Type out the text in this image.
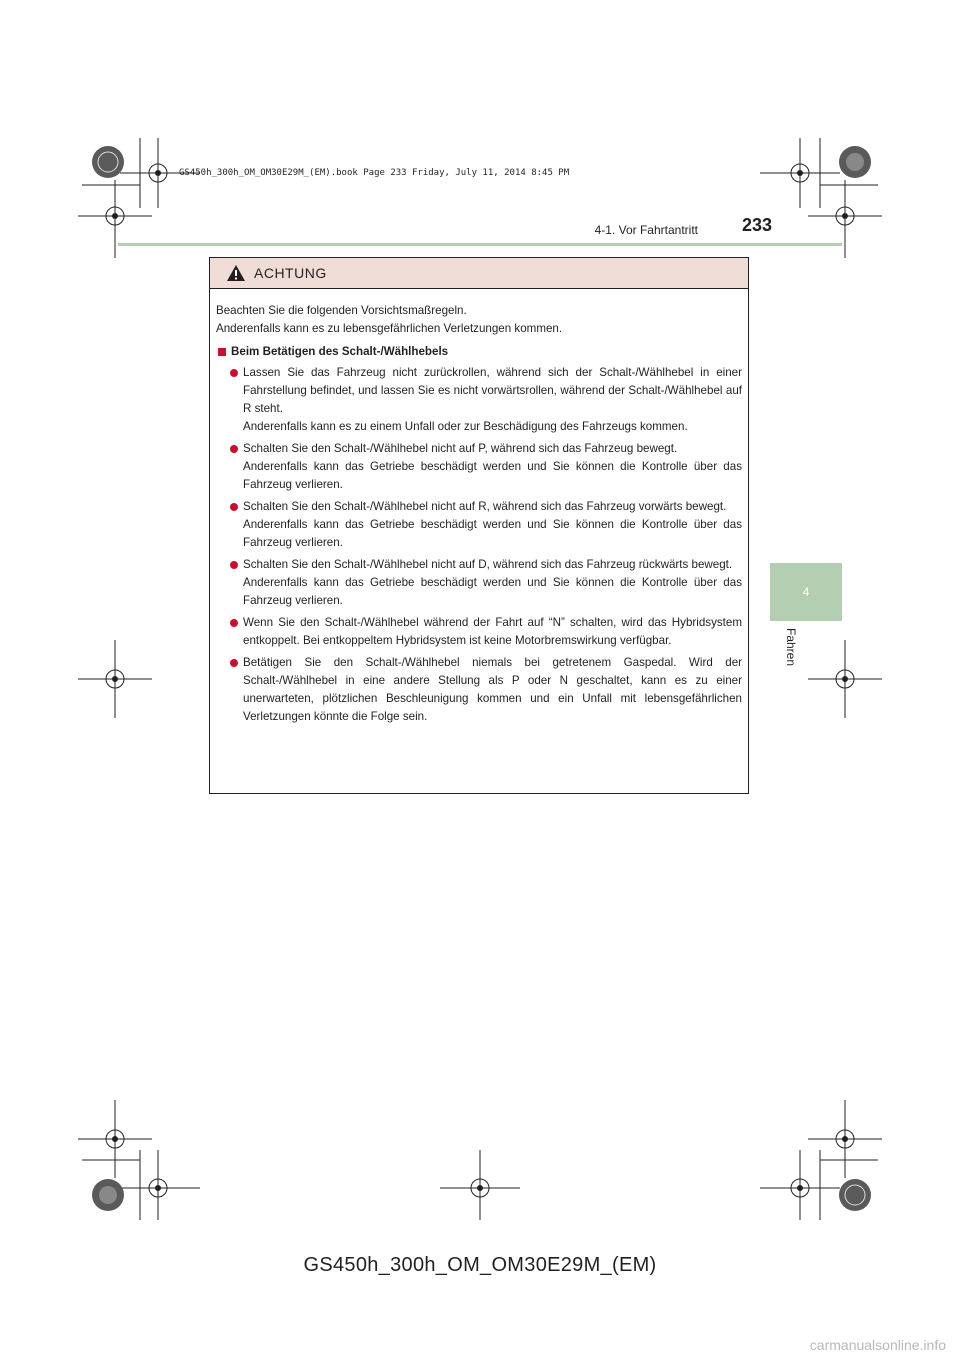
GS450h_300h_OM_OM30E29M_(EM).book Page 233 Friday, July 11, 2014 8:45 PM
4-1. Vor Fahrtantritt 233
4
Fahren
ACHTUNG

Beachten Sie die folgenden Vorsichtsmaßregeln.

Anderenfalls kann es zu lebensgefährlichen Verletzungen kommen.

Beim Betätigen des Schalt-/Wählhebels

Lassen Sie das Fahrzeug nicht zurückrollen, während sich der Schalt-/Wählhebel in einer Fahrstellung befindet, und lassen Sie es nicht vorwärtsrollen, während der Schalt-/Wählhebel auf R steht.

Anderenfalls kann es zu einem Unfall oder zur Beschädigung des Fahrzeugs kommen.

Schalten Sie den Schalt-/Wählhebel nicht auf P, während sich das Fahrzeug bewegt.

Anderenfalls kann das Getriebe beschädigt werden und Sie können die Kontrolle über das Fahrzeug verlieren.

Schalten Sie den Schalt-/Wählhebel nicht auf R, während sich das Fahrzeug vorwärts bewegt.

Anderenfalls kann das Getriebe beschädigt werden und Sie können die Kontrolle über das Fahrzeug verlieren.

Schalten Sie den Schalt-/Wählhebel nicht auf D, während sich das Fahrzeug rückwärts bewegt.

Anderenfalls kann das Getriebe beschädigt werden und Sie können die Kontrolle über das Fahrzeug verlieren.

Wenn Sie den Schalt-/Wählhebel während der Fahrt auf “N” schalten, wird das Hybridsystem entkoppelt. Bei entkoppeltem Hybridsystem ist keine Motorbremswirkung verfügbar.

Betätigen Sie den Schalt-/Wählhebel niemals bei getretenem Gaspedal. Wird der Schalt-/Wählhebel in eine andere Stellung als P oder N geschaltet, kann es zu einer unerwarteten, plötzlichen Beschleunigung kommen und ein Unfall mit lebensgefährlichen Verletzungen könnte die Folge sein.

GS450h_300h_OM_OM30E29M_(EM)
carmanualsonline.info
